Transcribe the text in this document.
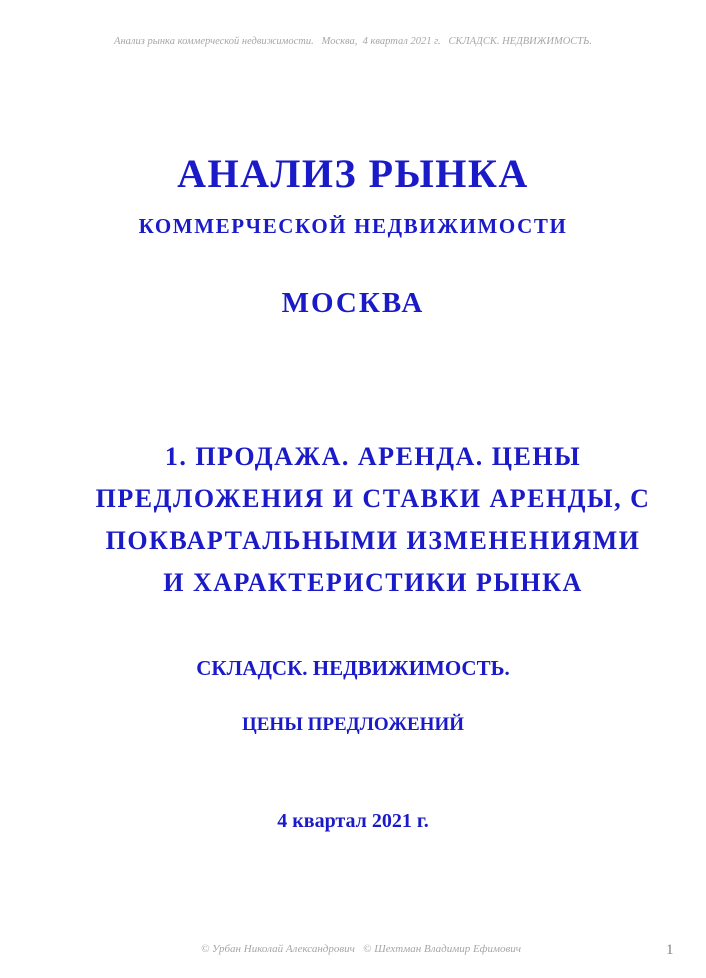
Анализ рынка коммерческой недвижимости.   Москва,  4 квартал 2021 г.   СКЛАДСК. НЕДВИЖИМОСТЬ.
АНАЛИЗ РЫНКА
КОММЕРЧЕСКОЙ НЕДВИЖИМОСТИ
МОСКВА
1. ПРОДАЖА. АРЕНДА. ЦЕНЫ
ПРЕДЛОЖЕНИЯ И СТАВКИ АРЕНДЫ, С
ПОКВАРТАЛЬНЫМИ ИЗМЕНЕНИЯМИ
И ХАРАКТЕРИСТИКИ РЫНКА
СКЛАДСК. НЕДВИЖИМОСТЬ.
ЦЕНЫ ПРЕДЛОЖЕНИЙ
4 квартал 2021 г.
© Урбан Николай Александрович   © Шехтман Владимир Ефимович	1
